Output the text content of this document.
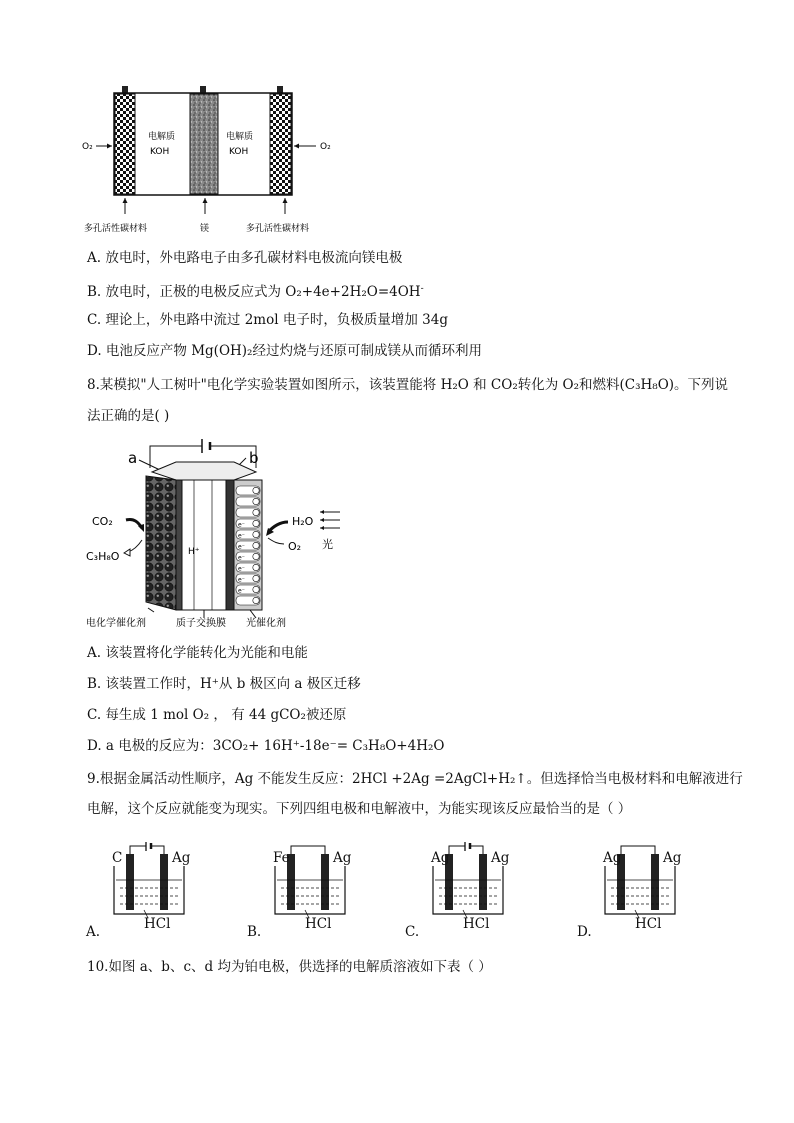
电解质
KOH
电解质
KOH
O₂	O₂
多孔活性碳材料	镁	多孔活性碳材料
A. 放电时，外电路电子由多孔碳材料电极流向镁电极
B. 放电时，正极的电极反应式为 O₂+4e+2H₂O=4OH-
C. 理论上，外电路中流过 2mol 电子时，负极质量增加 34g
D. 电池反应产物 Mg(OH)₂经过灼烧与还原可制成镁从而循环利用
8.某模拟"人工树叶"电化学实验装置如图所示，该装置能将 H₂O 和 CO₂转化为 O₂和燃料(C₃H₈O)。下列说
法正确的是( )
a	b
H⁺
e⁻
e⁻
e⁻
e⁻
e⁻
e⁻
e⁻
CO₂
C₃H₈O
H₂O
O₂ 光
电化学催化剂	质子交换膜 光催化剂
A. 该装置将化学能转化为光能和电能
B. 该装置工作时，H⁺从 b 极区向 a 极区迁移
C. 每生成 1 mol O₂ ， 有 44 gCO₂被还原
D. a 电极的反应为：3CO₂+ 16H⁺-18e⁻= C₃H₈O+4H₂O
9.根据金属活动性顺序，Ag 不能发生反应：2HCl +2Ag =2AgCl+H₂↑。但选择恰当电极材料和电解液进行
电解，这个反应就能变为现实。下列四组电极和电解液中，为能实现该反应最恰当的是（ ）
C	Ag
HCl
A.
Fe	Ag
HCl
B.
Ag	Ag
HCl
C.
Ag	Ag
HCl
D.
10.如图 a、b、c、d 均为铂电极，供选择的电解质溶液如下表（ ）
